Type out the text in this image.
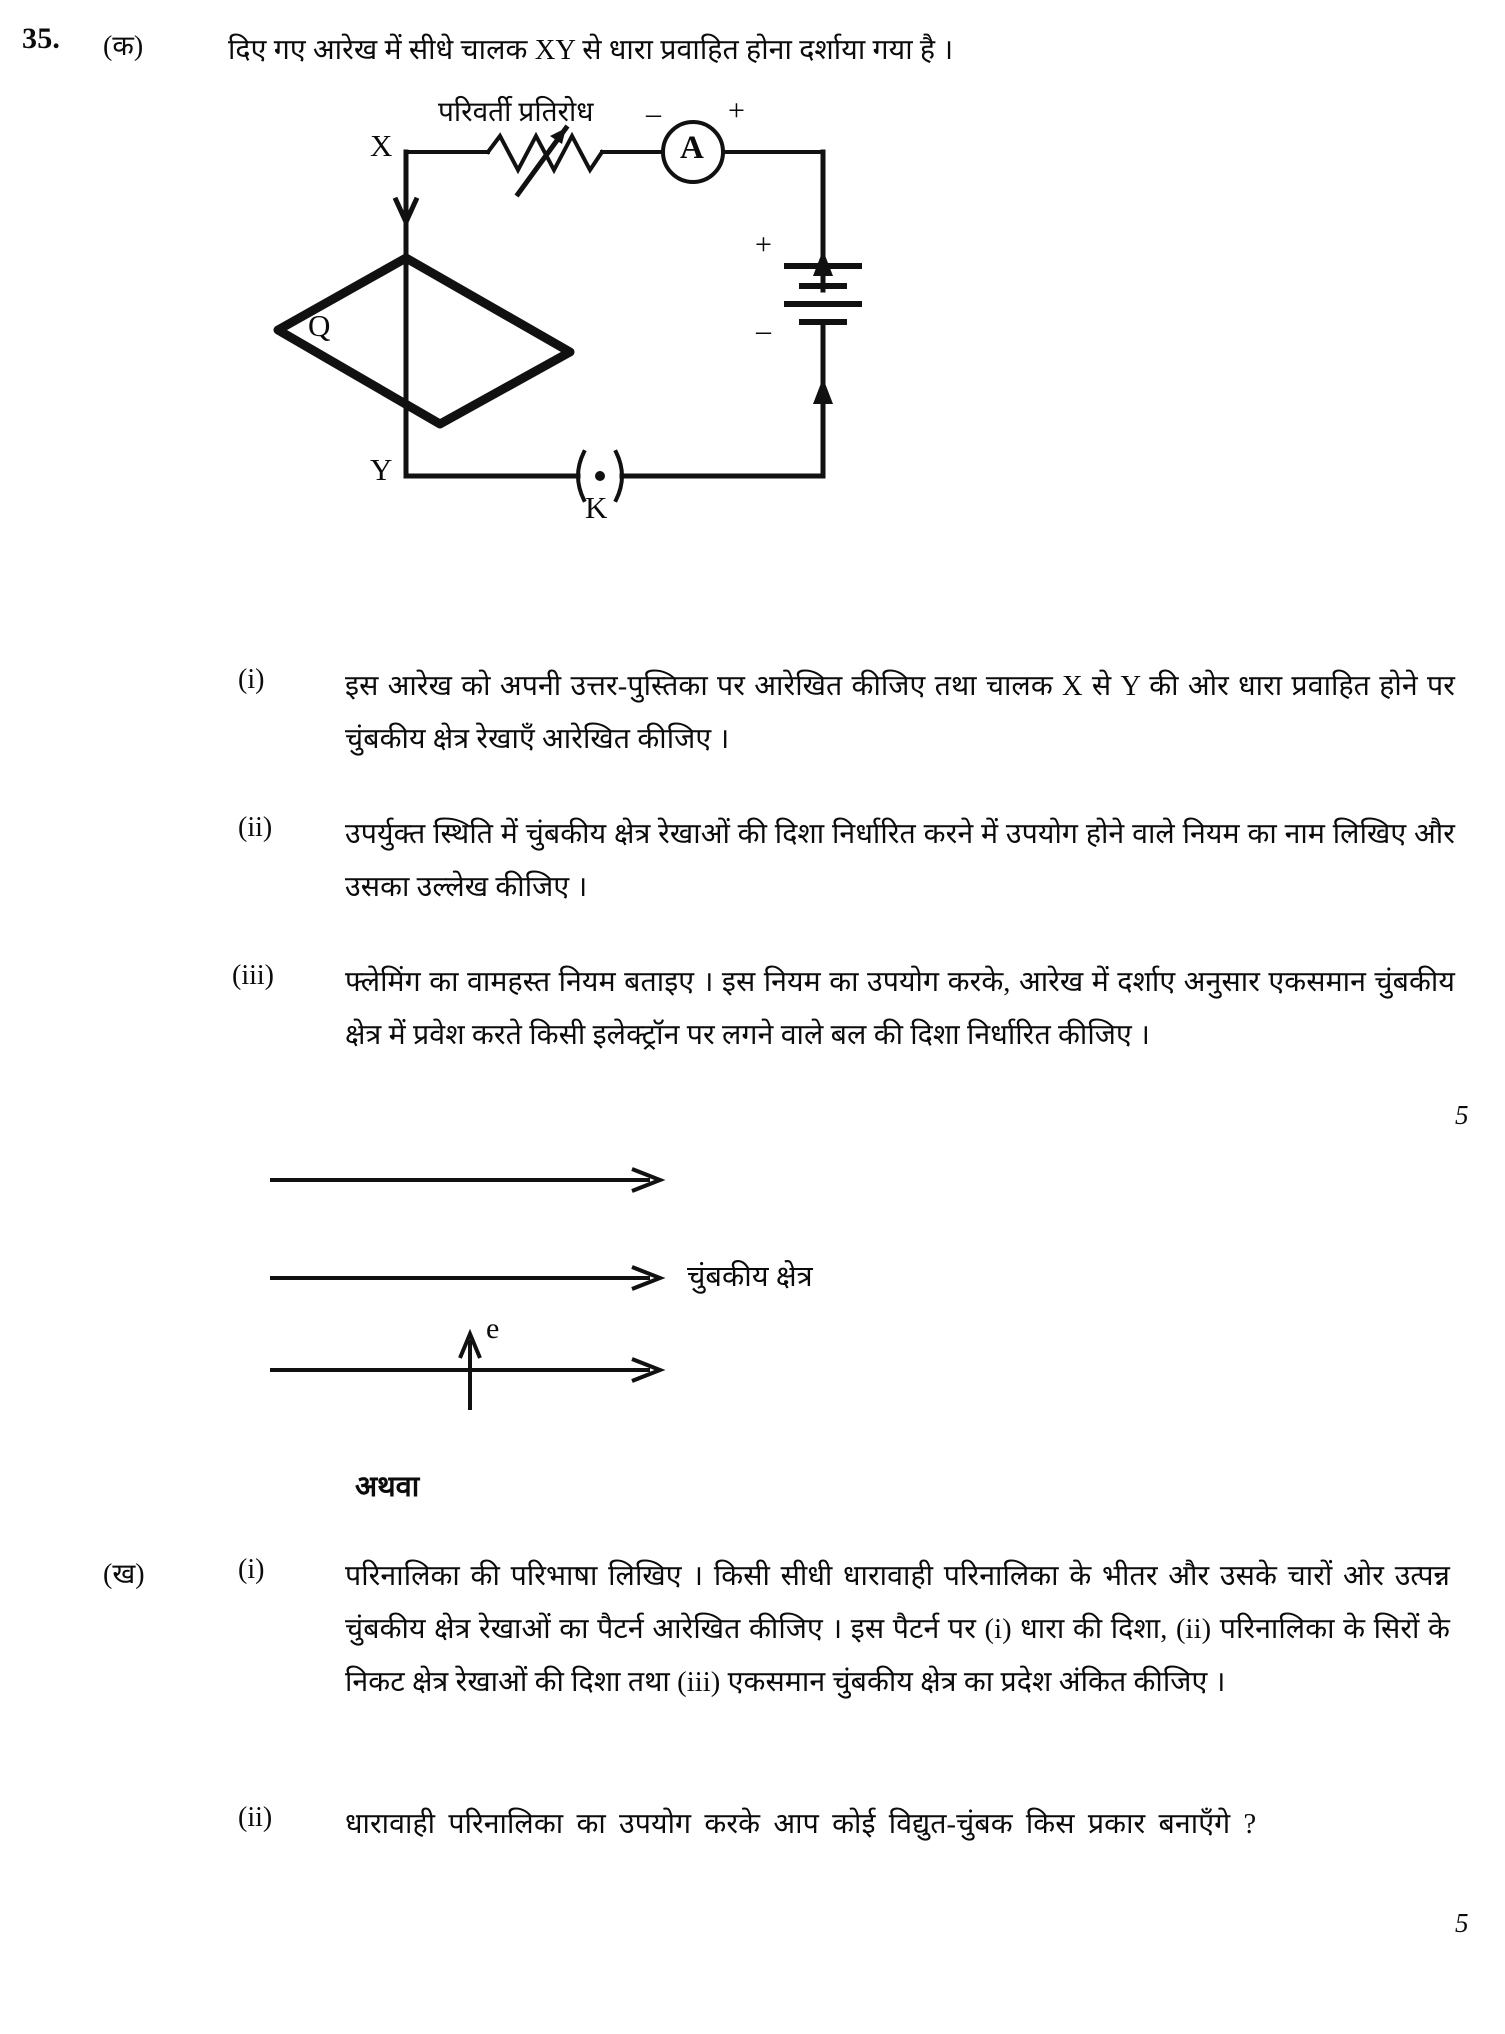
35. (क)	दिए गए आरेख में सीधे चालक XY से धारा प्रवाहित होना दर्शाया गया है ।
परिवर्ती प्रतिरोध
X
Y
Q
A
– +
+
–
K
(i)	इस आरेख को अपनी उत्तर-पुस्तिका पर आरेखित कीजिए तथा चालक X से Y की ओर धारा प्रवाहित होने पर चुंबकीय क्षेत्र रेखाएँ आरेखित कीजिए ।
(ii)	उपर्युक्त स्थिति में चुंबकीय क्षेत्र रेखाओं की दिशा निर्धारित करने में उपयोग होने वाले नियम का नाम लिखिए और उसका उल्लेख कीजिए ।
(iii) फ्लेमिंग का वामहस्त नियम बताइए । इस नियम का उपयोग करके, आरेख में दर्शाए अनुसार एकसमान चुंबकीय क्षेत्र में प्रवेश करते किसी इलेक्ट्रॉन पर लगने वाले बल की दिशा निर्धारित कीजिए ।
5
चुंबकीय क्षेत्र
e
अथवा
(ख)	(i)	परिनालिका की परिभाषा लिखिए । किसी सीधी धारावाही परिनालिका के भीतर और उसके चारों ओर उत्पन्न चुंबकीय क्षेत्र रेखाओं का पैटर्न आरेखित कीजिए । इस पैटर्न पर (i) धारा की दिशा, (ii) परिनालिका के सिरों के निकट क्षेत्र रेखाओं की दिशा तथा (iii) एकसमान चुंबकीय क्षेत्र का प्रदेश अंकित कीजिए ।
(ii)	धारावाही परिनालिका का उपयोग करके आप कोई विद्युत-चुंबक किस प्रकार बनाएँगे ?
5
